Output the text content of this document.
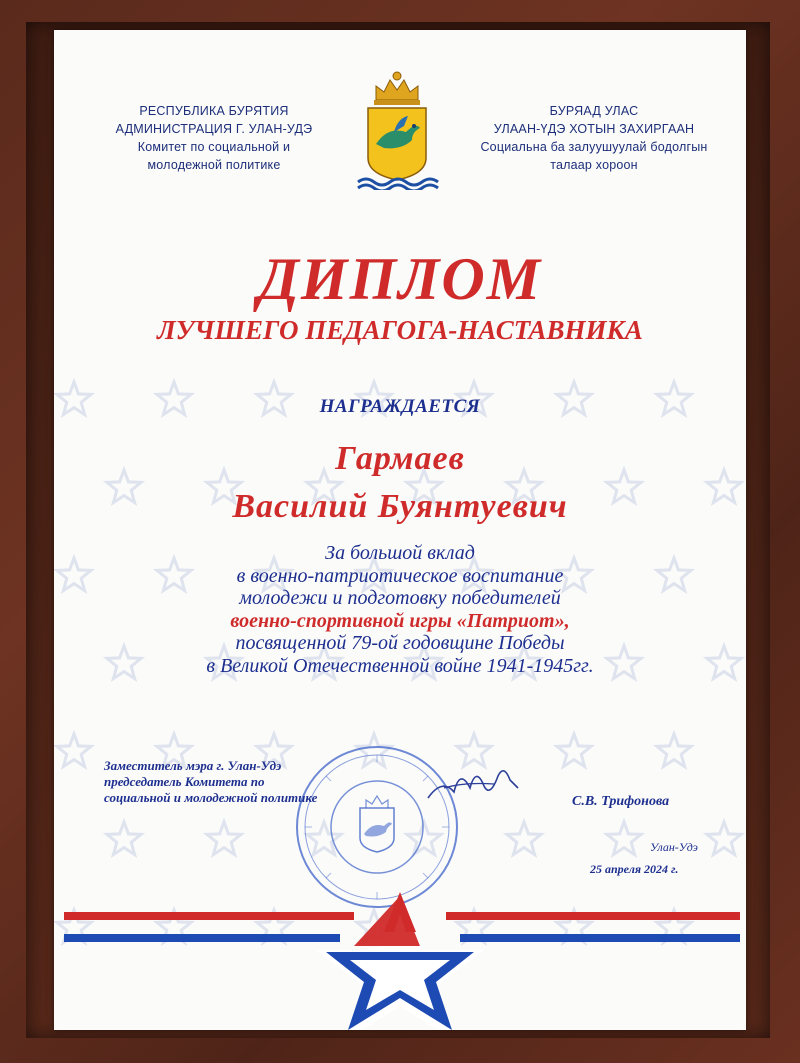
РЕСПУБЛИКА БУРЯТИЯ
АДМИНИСТРАЦИЯ Г. УЛАН-УДЭ
Комитет по социальной и
молодежной политике
БУРЯАД УЛАС
УЛААН-ҮДЭ ХОТЫН ЗАХИРГААН
Социальна ба залуушуулай бодолгын
талаар хороон
ДИПЛОМ
ЛУЧШЕГО ПЕДАГОГА-НАСТАВНИКА
НАГРАЖДАЕТСЯ
Гармаев
Василий Буянтуевич
За большой вклад
в военно-патриотическое воспитание
молодежи и подготовку победителей
военно-спортивной игры «Патриот»,
посвященной 79-ой годовщине Победы
в Великой Отечественной войне 1941-1945гг.
Заместитель мэра г. Улан-Удэ
председатель Комитета по
социальной и молодежной политике	С.В. Трифонова
Улан-Удэ
25 апреля 2024 г.
